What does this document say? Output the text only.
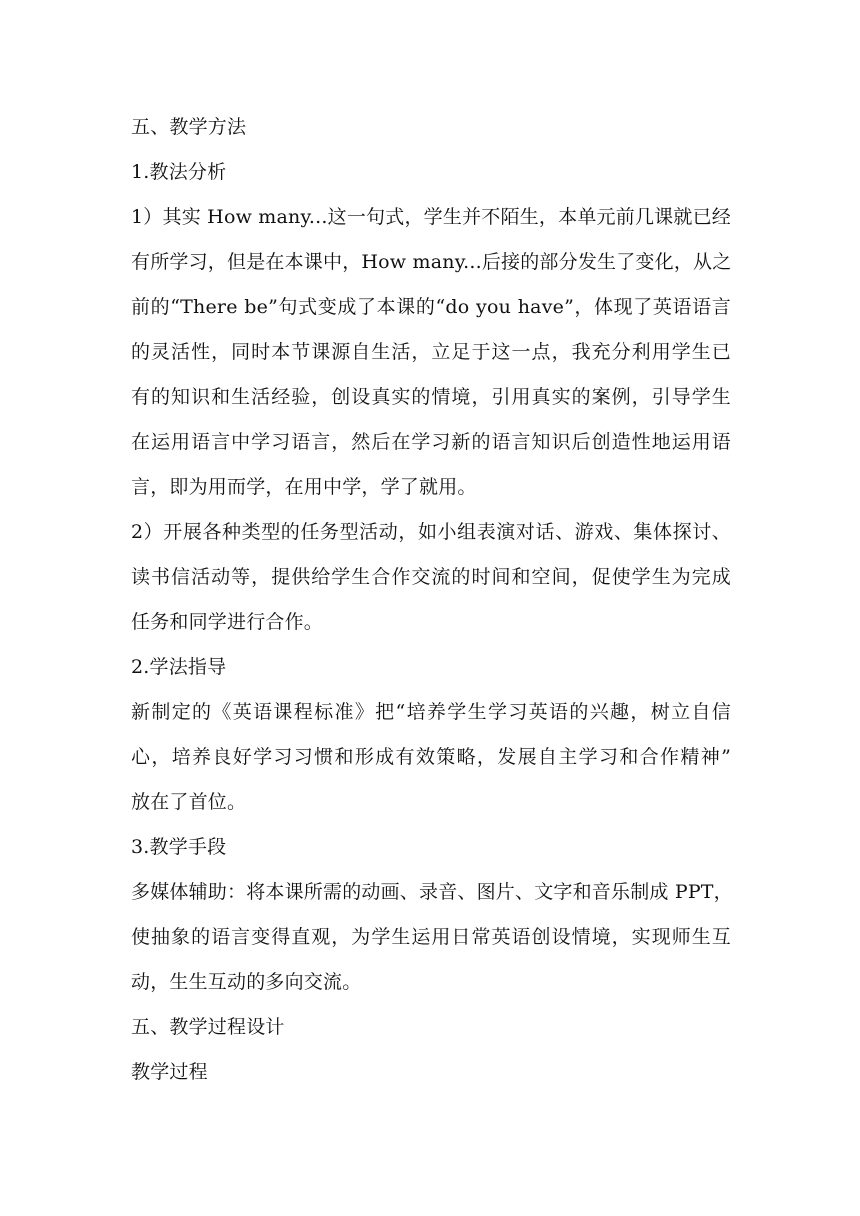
五、教学方法
1.教法分析
1）其实 How many...这一句式，学生并不陌生，本单元前几课就已经
有所学习，但是在本课中，How many...后接的部分发生了变化，从之
前的“There be”句式变成了本课的“do you have”，体现了英语语言
的灵活性，同时本节课源自生活，立足于这一点，我充分利用学生已
有的知识和生活经验，创设真实的情境，引用真实的案例，引导学生
在运用语言中学习语言，然后在学习新的语言知识后创造性地运用语
言，即为用而学，在用中学，学了就用。
2）开展各种类型的任务型活动，如小组表演对话、游戏、集体探讨、
读书信活动等，提供给学生合作交流的时间和空间，促使学生为完成
任务和同学进行合作。
2.学法指导
新制定的《英语课程标准》把“培养学生学习英语的兴趣，树立自信
心，培养良好学习习惯和形成有效策略，发展自主学习和合作精神”
放在了首位。
3.教学手段
多媒体辅助：将本课所需的动画、录音、图片、文字和音乐制成 PPT，
使抽象的语言变得直观，为学生运用日常英语创设情境，实现师生互
动，生生互动的多向交流。
五、教学过程设计
教学过程
